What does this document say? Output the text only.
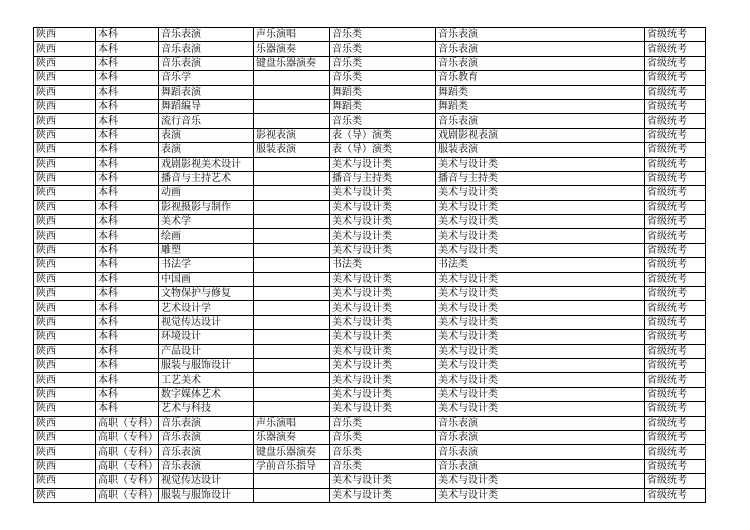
陕西	本科	音乐表演	声乐演唱	音乐类	音乐表演	省级统考
陕西	本科	音乐表演	乐器演奏	音乐类	音乐表演	省级统考
陕西	本科	音乐表演	键盘乐器演奏	音乐类	音乐表演	省级统考
陕西	本科	音乐学		音乐类	音乐教育	省级统考
陕西	本科	舞蹈表演		舞蹈类	舞蹈类	省级统考
陕西	本科	舞蹈编导		舞蹈类	舞蹈类	省级统考
陕西	本科	流行音乐		音乐类	音乐表演	省级统考
陕西	本科	表演	影视表演	表（导）演类	戏剧影视表演	省级统考
陕西	本科	表演	服装表演	表（导）演类	服装表演	省级统考
陕西	本科	戏剧影视美术设计		美术与设计类	美术与设计类	省级统考
陕西	本科	播音与主持艺术		播音与主持类	播音与主持类	省级统考
陕西	本科	动画		美术与设计类	美术与设计类	省级统考
陕西	本科	影视摄影与制作		美术与设计类	美术与设计类	省级统考
陕西	本科	美术学		美术与设计类	美术与设计类	省级统考
陕西	本科	绘画		美术与设计类	美术与设计类	省级统考
陕西	本科	雕塑		美术与设计类	美术与设计类	省级统考
陕西	本科	书法学		书法类	书法类	省级统考
陕西	本科	中国画		美术与设计类	美术与设计类	省级统考
陕西	本科	文物保护与修复		美术与设计类	美术与设计类	省级统考
陕西	本科	艺术设计学		美术与设计类	美术与设计类	省级统考
陕西	本科	视觉传达设计		美术与设计类	美术与设计类	省级统考
陕西	本科	环境设计		美术与设计类	美术与设计类	省级统考
陕西	本科	产品设计		美术与设计类	美术与设计类	省级统考
陕西	本科	服装与服饰设计		美术与设计类	美术与设计类	省级统考
陕西	本科	工艺美术		美术与设计类	美术与设计类	省级统考
陕西	本科	数字媒体艺术		美术与设计类	美术与设计类	省级统考
陕西	本科	艺术与科技		美术与设计类	美术与设计类	省级统考
陕西	高职（专科）	音乐表演	声乐演唱	音乐类	音乐表演	省级统考
陕西	高职（专科）	音乐表演	乐器演奏	音乐类	音乐表演	省级统考
陕西	高职（专科）	音乐表演	键盘乐器演奏	音乐类	音乐表演	省级统考
陕西	高职（专科）	音乐表演	学前音乐指导	音乐类	音乐表演	省级统考
陕西	高职（专科）	视觉传达设计		美术与设计类	美术与设计类	省级统考
陕西	高职（专科）	服装与服饰设计		美术与设计类	美术与设计类	省级统考
